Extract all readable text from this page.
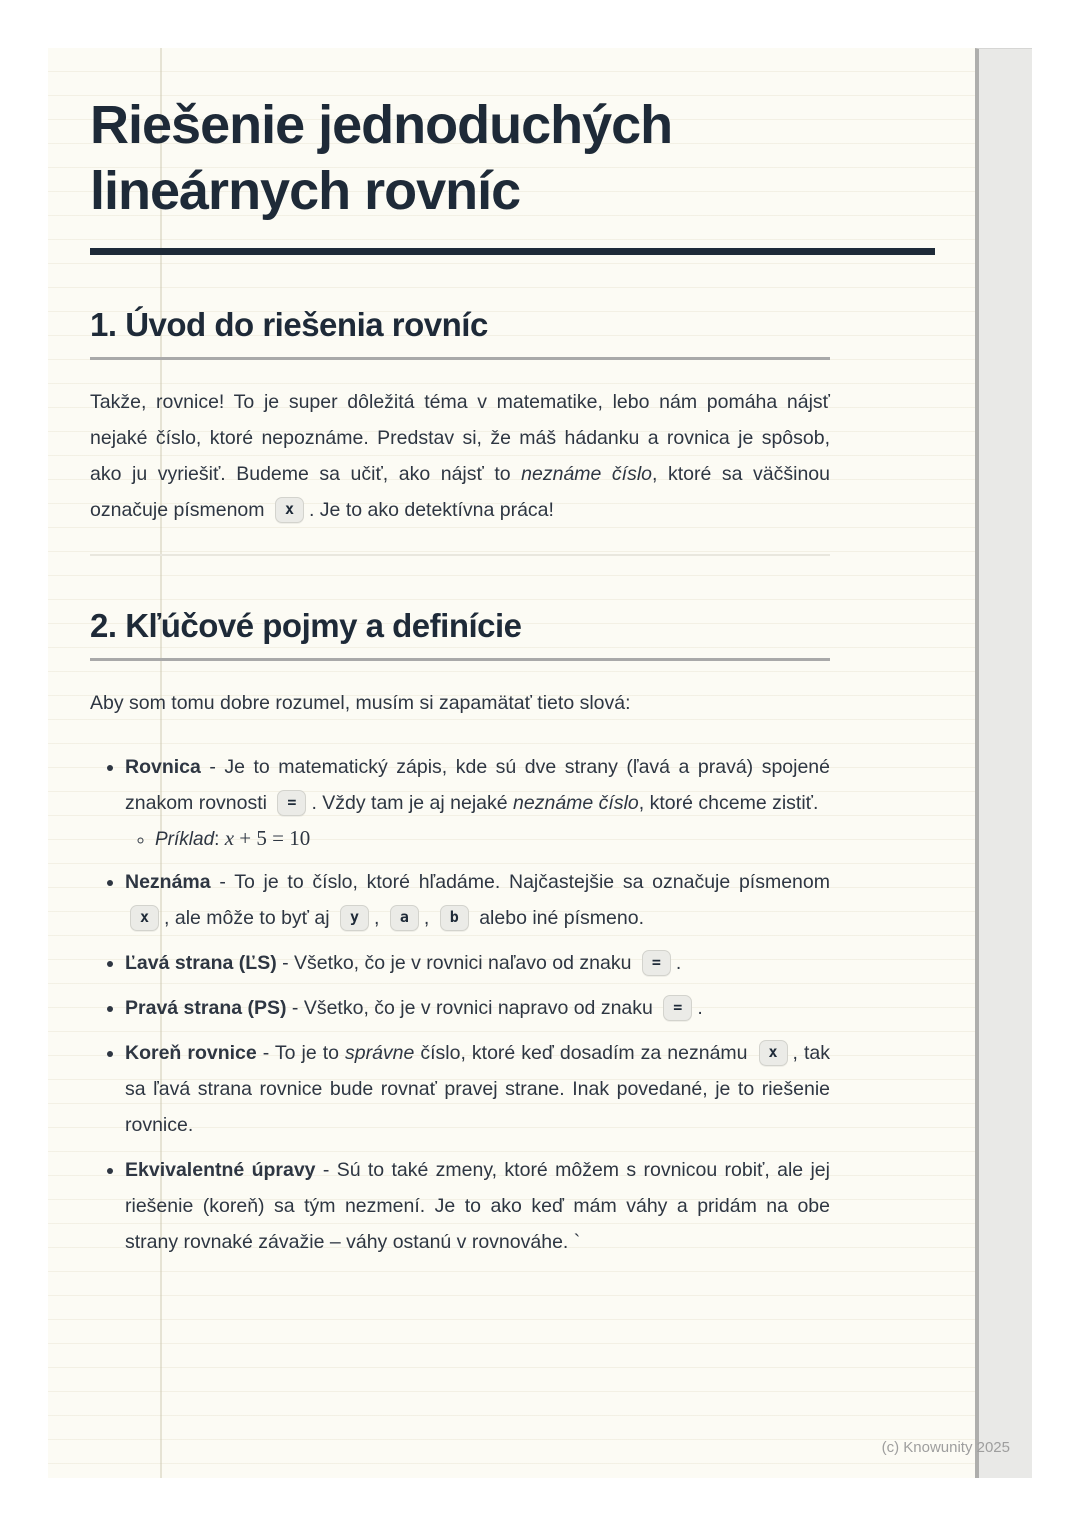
Riešenie jednoduchých lineárnych rovníc
1. Úvod do riešenia rovníc

Takže, rovnice! To je super dôležitá téma v matematike, lebo nám pomáha nájsť nejaké číslo, ktoré nepoznáme. Predstav si, že máš hádanku a rovnica je spôsob, ako ju vyriešiť. Budeme sa učiť, ako nájsť to neznáme číslo, ktoré sa väčšinou označuje písmenom x . Je to ako detektívna práca!

2. Kľúčové pojmy a definície

Aby som tomu dobre rozumel, musím si zapamätať tieto slová:

• Rovnica - Je to matematický zápis, kde sú dve strany (ľavá a pravá) spojené znakom rovnosti = . Vždy tam je aj nejaké neznáme číslo, ktoré chceme zistiť.
◦ Príklad: x + 5 = 10
• Neznáma - To je to číslo, ktoré hľadáme. Najčastejšie sa označuje písmenom x , ale môže to byť aj y , a , b alebo iné písmeno.
• Ľavá strana (ĽS) - Všetko, čo je v rovnici naľavo od znaku = .
• Pravá strana (PS) - Všetko, čo je v rovnici napravo od znaku = .
• Koreň rovnice - To je to správne číslo, ktoré keď dosadím za neznámu x , tak sa ľavá strana rovnice bude rovnať pravej strane. Inak povedané, je to riešenie rovnice.
• Ekvivalentné úpravy - Sú to také zmeny, ktoré môžem s rovnicou robiť, ale jej riešenie (koreň) sa tým nezmení. Je to ako keď mám váhy a pridám na obe strany rovnaké závažie – váhy ostanú v rovnováhe. `
(c) Knowunity 2025
